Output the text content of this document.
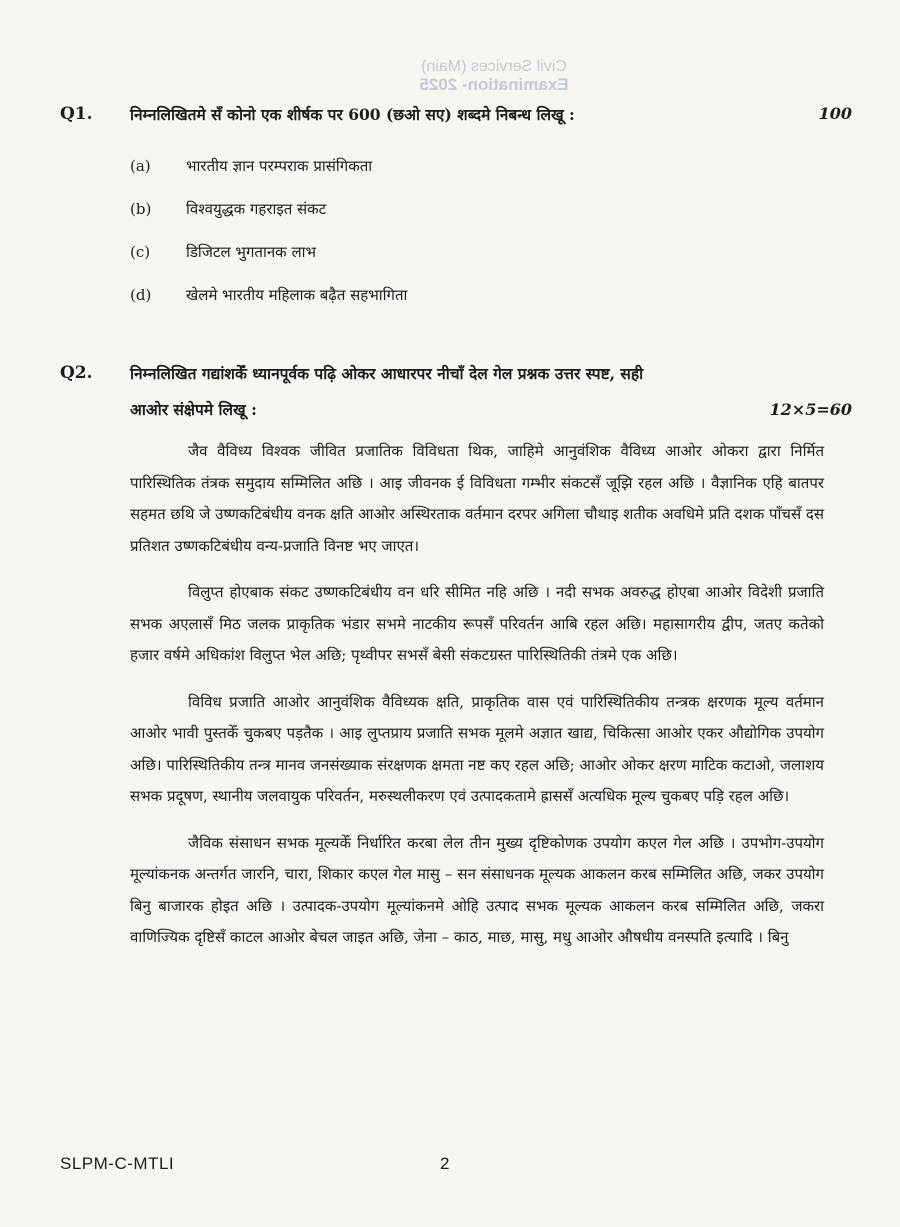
Civil Services (Main)
Examination- 2025
Q1. निम्नलिखितमे सँ कोनो एक शीर्षक पर 600 (छओ सए) शब्दमे निबन्ध लिखू :	100
(a)	भारतीय ज्ञान परम्पराक प्रासंगिकता
(b)	विश्वयुद्धक गहराइत संकट
(c)	डिजिटल भुगतानक लाभ
(d)	खेलमे भारतीय महिलाक बढ़ैत सहभागिता
Q2. निम्नलिखित गद्यांशकेँ ध्यानपूर्वक पढ़ि ओकर आधारपर नीचाँ देल गेल प्रश्नक उत्तर स्पष्ट, सही
आओर संक्षेपमे लिखू :	12×5=60

जैव वैविध्य विश्वक जीवित प्रजातिक विविधता थिक, जाहिमे आनुवंशिक वैविध्य आओर ओकरा द्वारा निर्मित पारिस्थितिक तंत्रक समुदाय सम्मिलित अछि । आइ जीवनक ई विविधता गम्भीर संकटसँ जूझि रहल अछि । वैज्ञानिक एहि बातपर सहमत छथि जे उष्णकटिबंधीय वनक क्षति आओर अस्थिरताक वर्तमान दरपर अगिला चौथाइ शतीक अवधिमे प्रति दशक पाँचसँ दस प्रतिशत उष्णकटिबंधीय वन्य-प्रजाति विनष्ट भए जाएत।

विलुप्त होएबाक संकट उष्णकटिबंधीय वन धरि सीमित नहि अछि । नदी सभक अवरुद्ध होएबा आओर विदेशी प्रजाति सभक अएलासँ मिठ जलक प्राकृतिक भंडार सभमे नाटकीय रूपसँ परिवर्तन आबि रहल अछि। महासागरीय द्वीप, जतए कतेको हजार वर्षमे अधिकांश विलुप्त भेल अछि; पृथ्वीपर सभसँ बेसी संकटग्रस्त पारिस्थितिकी तंत्रमे एक अछि।

विविध प्रजाति आओर आनुवंशिक वैविध्यक क्षति, प्राकृतिक वास एवं पारिस्थितिकीय तन्त्रक क्षरणक मूल्य वर्तमान आओर भावी पुस्तकेँ चुकबए पड़तैक । आइ लुप्तप्राय प्रजाति सभक मूलमे अज्ञात खाद्य, चिकित्सा आओर एकर औद्योगिक उपयोग अछि। पारिस्थितिकीय तन्त्र मानव जनसंख्याक संरक्षणक क्षमता नष्ट कए रहल अछि; आओर ओकर क्षरण माटिक कटाओ, जलाशय सभक प्रदूषण, स्थानीय जलवायुक परिवर्तन, मरुस्थलीकरण एवं उत्पादकतामे ह्राससँ अत्यधिक मूल्य चुकबए पड़ि रहल अछि।

जैविक संसाधन सभक मूल्यकेँ निर्धारित करबा लेल तीन मुख्य दृष्टिकोणक उपयोग कएल गेल अछि । उपभोग-उपयोग मूल्यांकनक अन्तर्गत जारनि, चारा, शिकार कएल गेल मासु – सन संसाधनक मूल्यक आकलन करब सम्मिलित अछि, जकर उपयोग बिनु बाजारक होइत अछि । उत्पादक-उपयोग मूल्यांकनमे ओहि उत्पाद सभक मूल्यक आकलन करब सम्मिलित अछि, जकरा वाणिज्यिक दृष्टिसँ काटल आओर बेचल जाइत अछि, जेना – काठ, माछ, मासु, मधु आओर औषधीय वनस्पति इत्यादि । बिनु

SLPM-C-MTLI	2
